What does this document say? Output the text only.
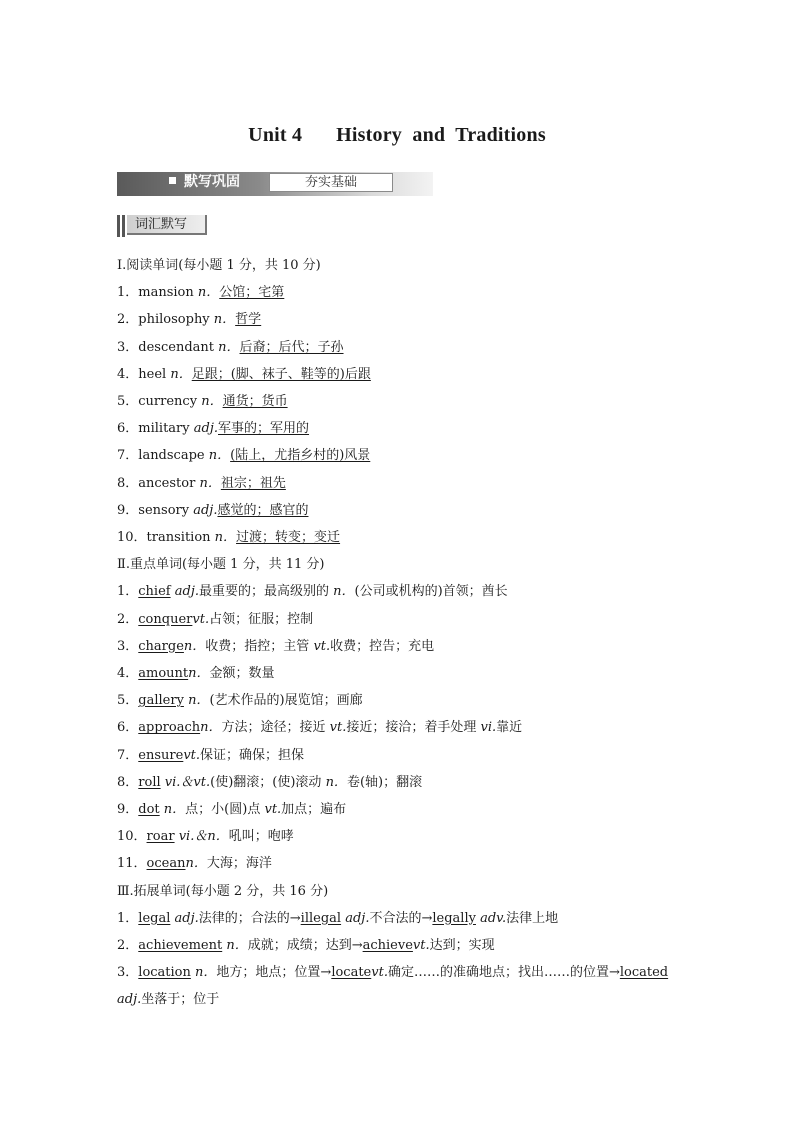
Unit 4 History  and  Traditions
默写巩固	夯实基础
词汇默写
Ⅰ.阅读单词(每小题 1 分，共 10 分)
1．mansion n．公馆；宅第
2．philosophy n．哲学
3．descendant n．后裔；后代；子孙
4．heel n．足跟；(脚、袜子、鞋等的)后跟
5．currency n．通货；货币
6．military adj.军事的；军用的
7．landscape n．(陆上，尤指乡村的)风景
8．ancestor n．祖宗；祖先
9．sensory adj.感觉的；感官的
10．transition n．过渡；转变；变迁
Ⅱ.重点单词(每小题 1 分，共 11 分)
1．chief adj.最重要的；最高级别的 n．(公司或机构的)首领；酋长
2．conquervt.占领；征服；控制
3．chargen．收费；指控；主管 vt.收费；控告；充电
4．amountn．金额；数量
5．gallery n．(艺术作品的)展览馆；画廊
6．approachn．方法；途径；接近 vt.接近；接洽；着手处理 vi.靠近
7．ensurevt.保证；确保；担保
8．roll vi.＆vt.(使)翻滚；(使)滚动 n．卷(轴)；翻滚
9．dot n．点；小(圆)点 vt.加点；遍布
10．roar vi.＆n．吼叫；咆哮
11．oceann．大海；海洋
Ⅲ.拓展单词(每小题 2 分，共 16 分)
1．legal adj.法律的；合法的→illegal adj.不合法的→legally adv.法律上地
2．achievement n．成就；成绩；达到→achievevt.达到；实现
3．location n．地方；地点；位置→locatevt.确定……的准确地点；找出……的位置→located
adj.坐落于；位于
